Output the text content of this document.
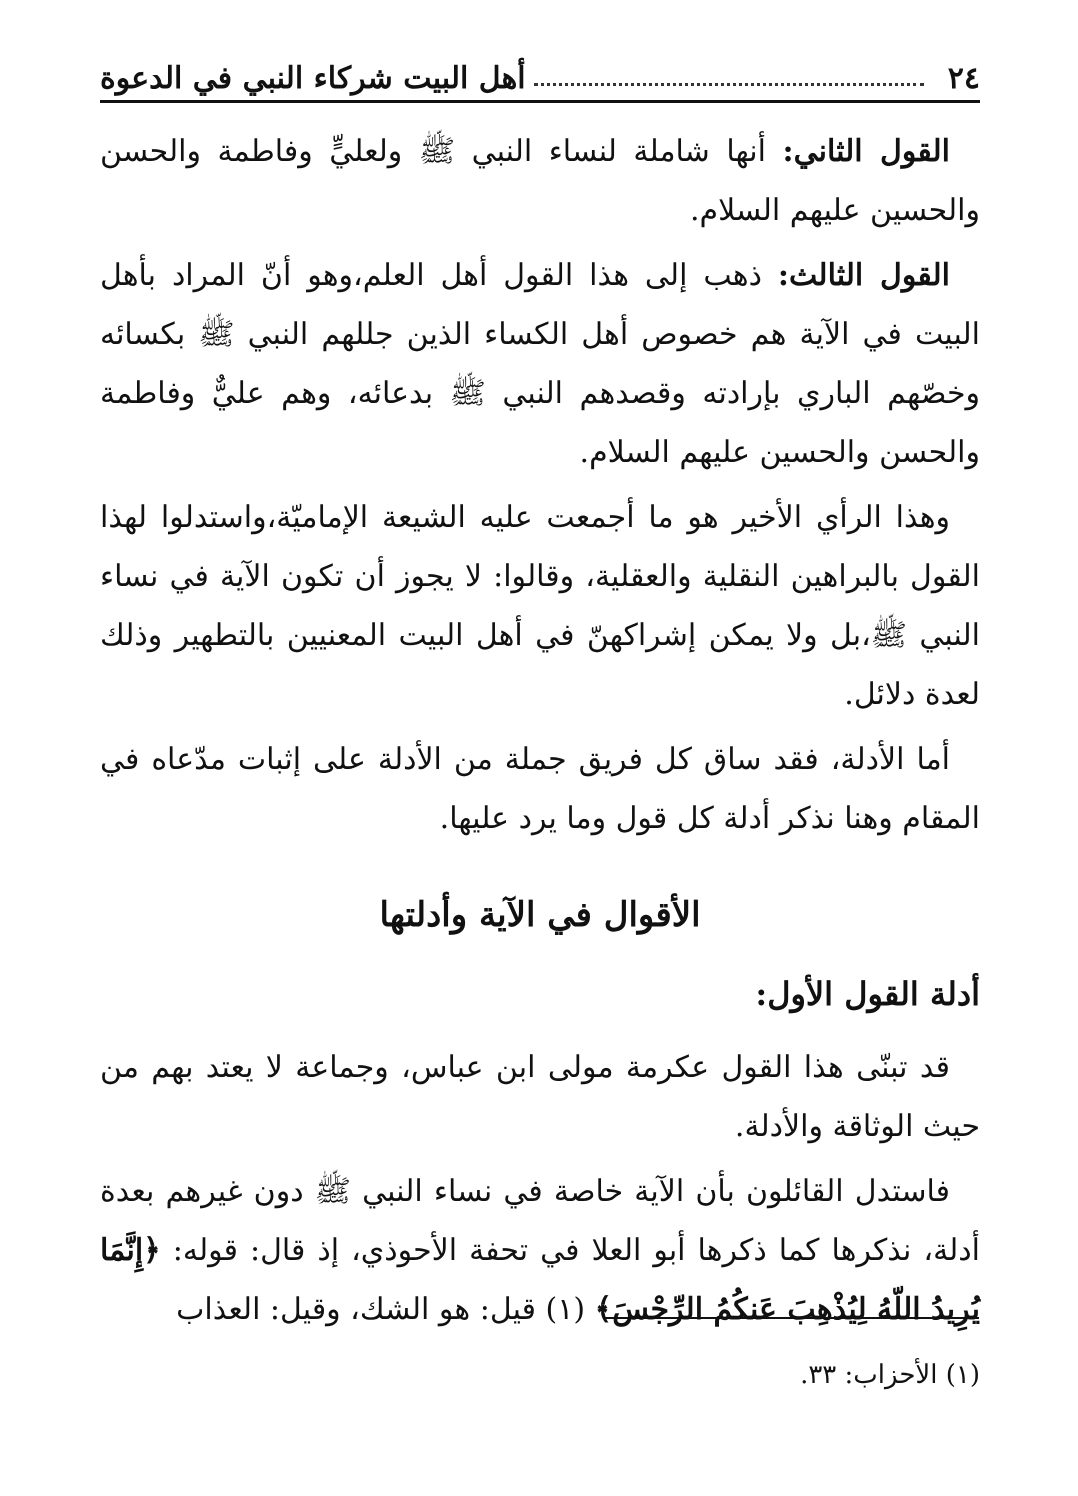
٢٤
أهل البيت شركاء النبي في الدعوة

القول الثاني: أنها شاملة لنساء النبي ﷺ ولعليٍّ وفاطمة والحسن والحسين عليهم السلام.

القول الثالث: ذهب إلى هذا القول أهل العلم،وهو أنّ المراد بأهل البيت في الآية هم خصوص أهل الكساء الذين جللهم النبي ﷺ بكسائه وخصّهم الباري بإرادته وقصدهم النبي ﷺ بدعائه، وهم عليٌّ وفاطمة والحسن والحسين عليهم السلام.

وهذا الرأي الأخير هو ما أجمعت عليه الشيعة الإماميّة،واستدلوا لهذا القول بالبراهين النقلية والعقلية، وقالوا: لا يجوز أن تكون الآية في نساء النبي ﷺ،بل ولا يمكن إشراكهنّ في أهل البيت المعنيين بالتطهير وذلك لعدة دلائل.

أما الأدلة، فقد ساق كل فريق جملة من الأدلة على إثبات مدّعاه في المقام وهنا نذكر أدلة كل قول وما يرد عليها.

الأقوال في الآية وأدلتها
أدلة القول الأول:

قد تبنّى هذا القول عكرمة مولى ابن عباس، وجماعة لا يعتد بهم من حيث الوثاقة والأدلة.

فاستدل القائلون بأن الآية خاصة في نساء النبي ﷺ دون غيرهم بعدة أدلة، نذكرها كما ذكرها أبو العلا في تحفة الأحوذي، إذ قال: قوله: ﴿إِنَّمَا يُرِيدُ اللّهُ لِيُذْهِبَ عَنكُمُ الرِّجْسَ﴾ (١) قيل: هو الشك، وقيل: العذاب

(١) الأحزاب: ٣٣.
